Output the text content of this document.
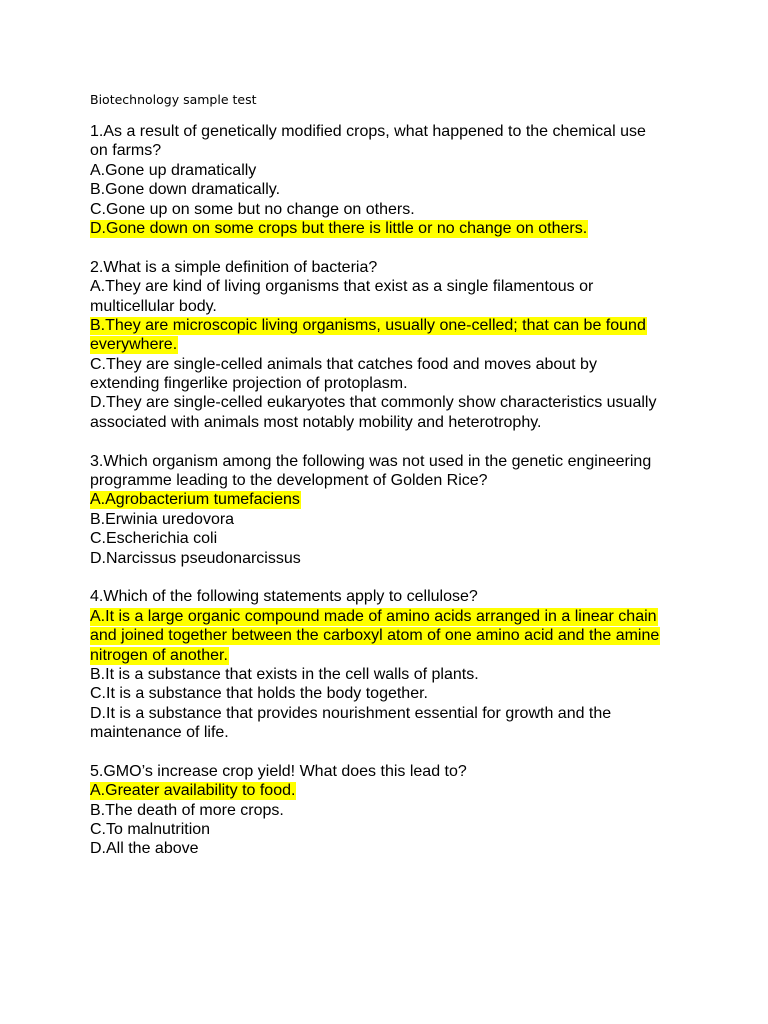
Biotechnology sample test
1.As a result of genetically modified crops, what happened to the chemical use
on farms?
A.Gone up dramatically
B.Gone down dramatically.
C.Gone up on some but no change on others.
D.Gone down on some crops but there is little or no change on others.
2.What is a simple definition of bacteria?
A.They are kind of living organisms that exist as a single filamentous or
multicellular body.
B.They are microscopic living organisms, usually one-celled; that can be found
everywhere.
C.They are single-celled animals that catches food and moves about by
extending fingerlike projection of protoplasm.
D.They are single-celled eukaryotes that commonly show characteristics usually
associated with animals most notably mobility and heterotrophy.
3.Which organism among the following was not used in the genetic engineering
programme leading to the development of Golden Rice?
A.Agrobacterium tumefaciens
B.Erwinia uredovora
C.Escherichia coli
D.Narcissus pseudonarcissus
4.Which of the following statements apply to cellulose?
A.It is a large organic compound made of amino acids arranged in a linear chain
and joined together between the carboxyl atom of one amino acid and the amine
nitrogen of another.
B.It is a substance that exists in the cell walls of plants.
C.It is a substance that holds the body together.
D.It is a substance that provides nourishment essential for growth and the
maintenance of life.
5.GMO’s increase crop yield! What does this lead to?
A.Greater availability to food.
B.The death of more crops.
C.To malnutrition
D.All the above
